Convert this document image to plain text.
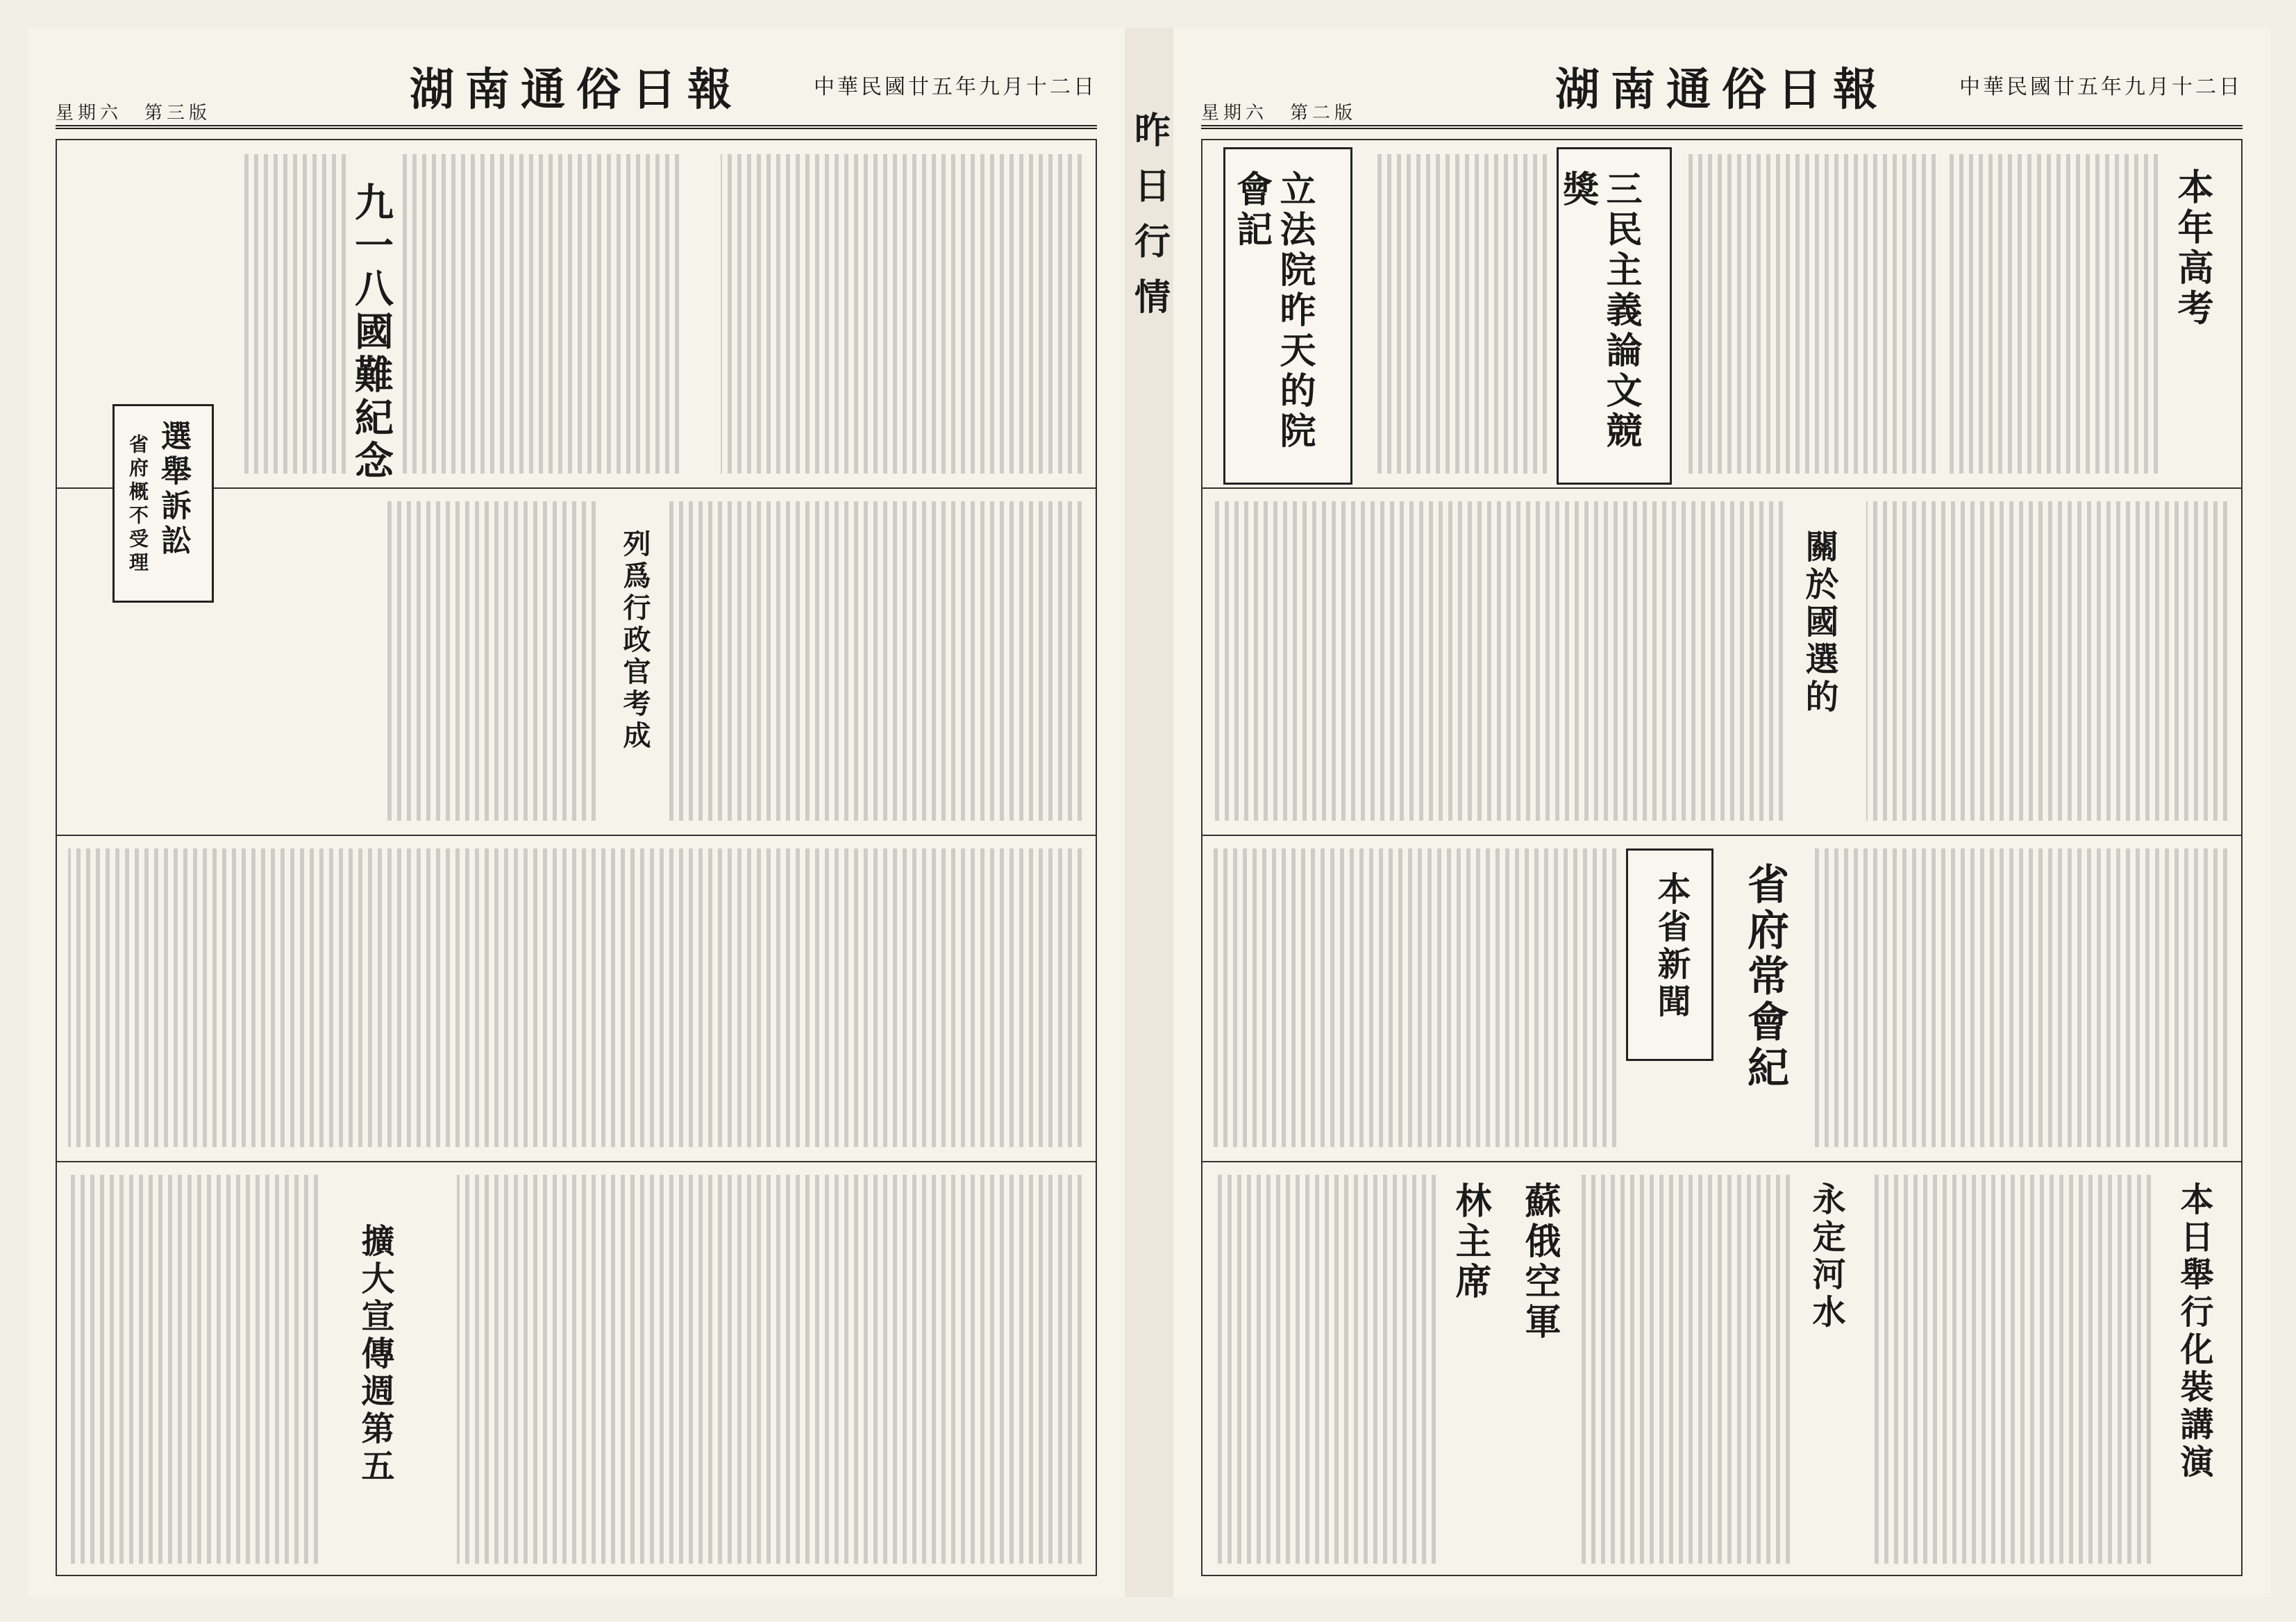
昨日行情
中華民國廿五年九月十二日
湖南通俗日報
星期六　第三版
九一八國難紀念
選舉訴訟
省府概不受理
列爲行政官考成
擴大宣傳週第五
中華民國廿五年九月十二日
湖南通俗日報
星期六　第二版
本年高考
三民主義論文競獎
立法院昨天的院會記
關於國選的
本省新聞 省府常會紀
本日舉行化裝講演
永定河水
蘇俄空軍
林主席
